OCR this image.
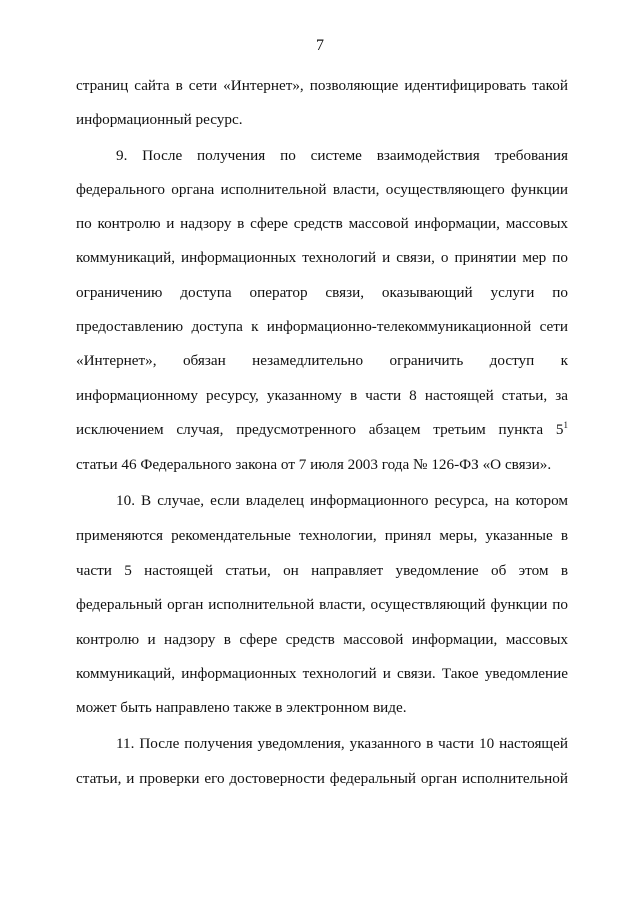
7
страниц сайта в сети «Интернет», позволяющие идентифицировать такой
информационный ресурс.
9. После получения по системе взаимодействия требования
федерального органа исполнительной власти, осуществляющего функции
по контролю и надзору в сфере средств массовой информации, массовых
коммуникаций, информационных технологий и связи, о принятии мер по
ограничению доступа оператор связи, оказывающий услуги по
предоставлению доступа к информационно-телекоммуникационной сети
«Интернет», обязан незамедлительно ограничить доступ к
информационному ресурсу, указанному в части 8 настоящей статьи, за
исключением случая, предусмотренного абзацем третьим пункта $5^1$
статьи 46 Федерального закона от 7 июля 2003 года № 126-ФЗ «О связи».
10. В случае, если владелец информационного ресурса, на котором
применяются рекомендательные технологии, принял меры, указанные в
части 5 настоящей статьи, он направляет уведомление об этом в
федеральный орган исполнительной власти, осуществляющий функции по
контролю и надзору в сфере средств массовой информации, массовых
коммуникаций, информационных технологий и связи. Такое уведомление
может быть направлено также в электронном виде.
11. После получения уведомления, указанного в части 10 настоящей
статьи, и проверки его достоверности федеральный орган исполнительной
